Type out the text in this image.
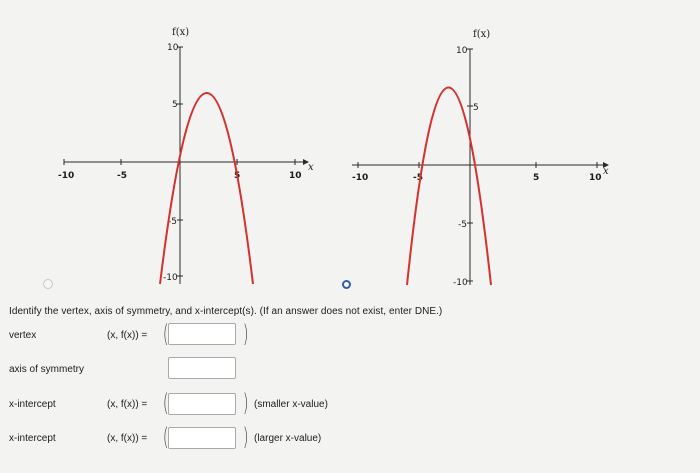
f(x)
x
-10	-5	5	10
10
5
-5
-10
f(x)
x
-10	-5	5	10
10
5
-5
-10
Identify the vertex, axis of symmetry, and x-intercept(s). (If an answer does not exist, enter DNE.)
vertex	(x, f(x)) = (	)
axis of symmetry
x-intercept	(x, f(x)) = (	) (smaller x-value)
x-intercept	(x, f(x)) = (	) (larger x-value)
